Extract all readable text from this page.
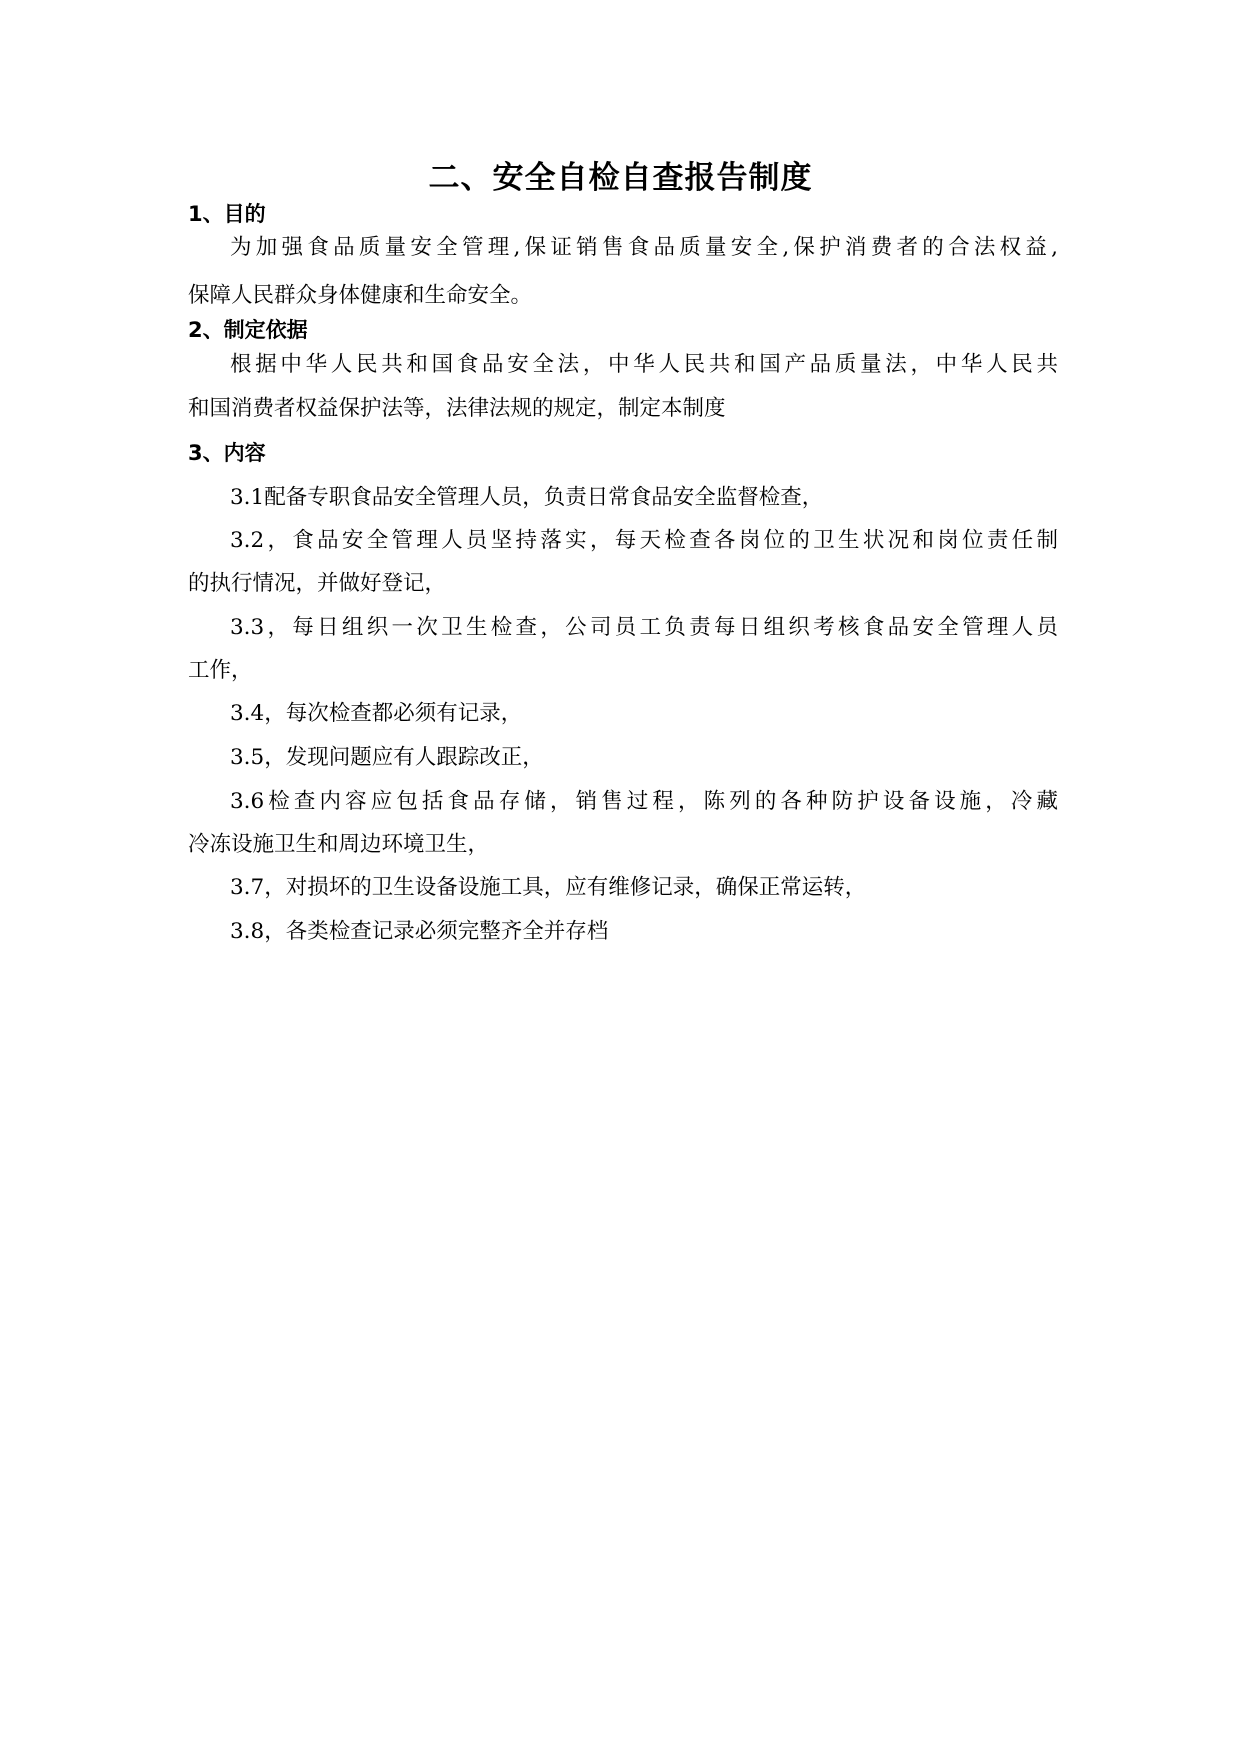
二、安全自检自查报告制度
1、目的
为加强食品质量安全管理,保证销售食品质量安全,保护消费者的合法权益,
保障人民群众身体健康和生命安全。
2、制定依据
根据中华人民共和国食品安全法，中华人民共和国产品质量法，中华人民共
和国消费者权益保护法等，法律法规的规定，制定本制度
3、内容
3.1配备专职食品安全管理人员，负责日常食品安全监督检查，
3.2，食品安全管理人员坚持落实，每天检查各岗位的卫生状况和岗位责任制
的执行情况，并做好登记，
3.3，每日组织一次卫生检查，公司员工负责每日组织考核食品安全管理人员
工作，
3.4，每次检查都必须有记录，
3.5，发现问题应有人跟踪改正，
3.6检查内容应包括食品存储，销售过程，陈列的各种防护设备设施，冷藏
冷冻设施卫生和周边环境卫生，
3.7，对损坏的卫生设备设施工具，应有维修记录，确保正常运转，
3.8，各类检查记录必须完整齐全并存档
